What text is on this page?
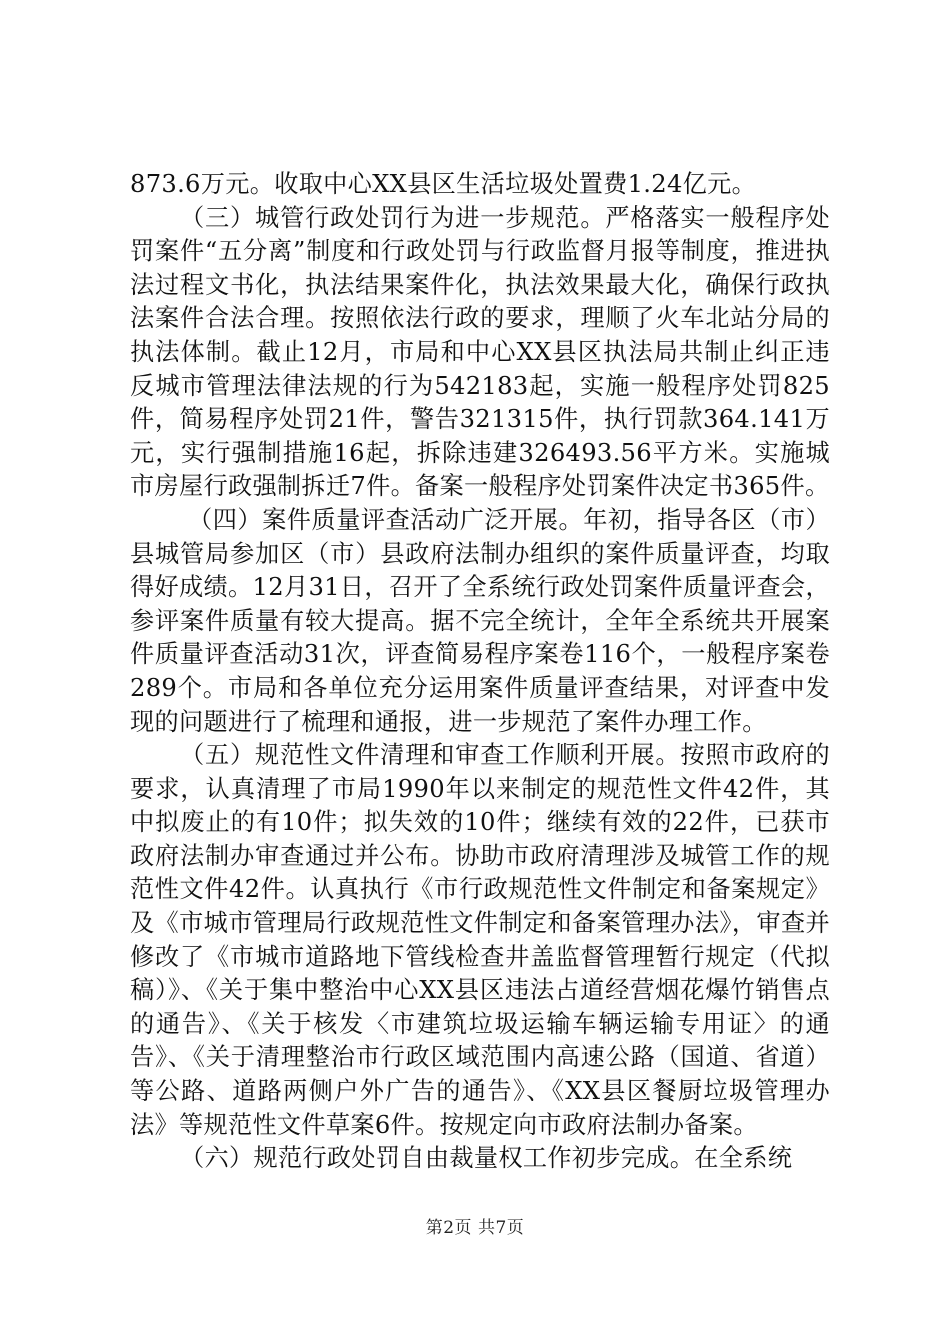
873.6万元。收取中心XX县区生活垃圾处置费1.24亿元。

（三）城管行政处罚行为进一步规范。严格落实一般程序处罚案件“五分离”制度和行政处罚与行政监督月报等制度，推进执法过程文书化，执法结果案件化，执法效果最大化，确保行政执法案件合法合理。按照依法行政的要求，理顺了火车北站分局的执法体制。截止12月，市局和中心XX县区执法局共制止纠正违反城市管理法律法规的行为542183起，实施一般程序处罚825件，简易程序处罚21件，警告321315件，执行罚款364.141万元，实行强制措施16起，拆除违建326493.56平方米。实施城市房屋行政强制拆迁7件。备案一般程序处罚案件决定书365件。

（四）案件质量评查活动广泛开展。年初，指导各区（市）县城管局参加区（市）县政府法制办组织的案件质量评查，均取得好成绩。12月31日，召开了全系统行政处罚案件质量评查会，参评案件质量有较大提高。据不完全统计，全年全系统共开展案件质量评查活动31次，评查简易程序案卷116个，一般程序案卷289个。市局和各单位充分运用案件质量评查结果，对评查中发现的问题进行了梳理和通报，进一步规范了案件办理工作。

（五）规范性文件清理和审查工作顺利开展。按照市政府的要求，认真清理了市局1990年以来制定的规范性文件42件，其中拟废止的有10件；拟失效的10件；继续有效的22件，已获市政府法制办审查通过并公布。协助市政府清理涉及城管工作的规范性文件42件。认真执行《市行政规范性文件制定和备案规定》及《市城市管理局行政规范性文件制定和备案管理办法》，审查并修改了《市城市道路地下管线检查井盖监督管理暂行规定（代拟稿）》、《关于集中整治中心XX县区违法占道经营烟花爆竹销售点的通告》、《关于核发〈市建筑垃圾运输车辆运输专用证〉的通告》、《关于清理整治市行政区域范围内高速公路（国道、省道）等公路、道路两侧户外广告的通告》、《XX县区餐厨垃圾管理办法》等规范性文件草案6件。按规定向市政府法制办备案。

（六）规范行政处罚自由裁量权工作初步完成。在全系统

第2页 共7页
